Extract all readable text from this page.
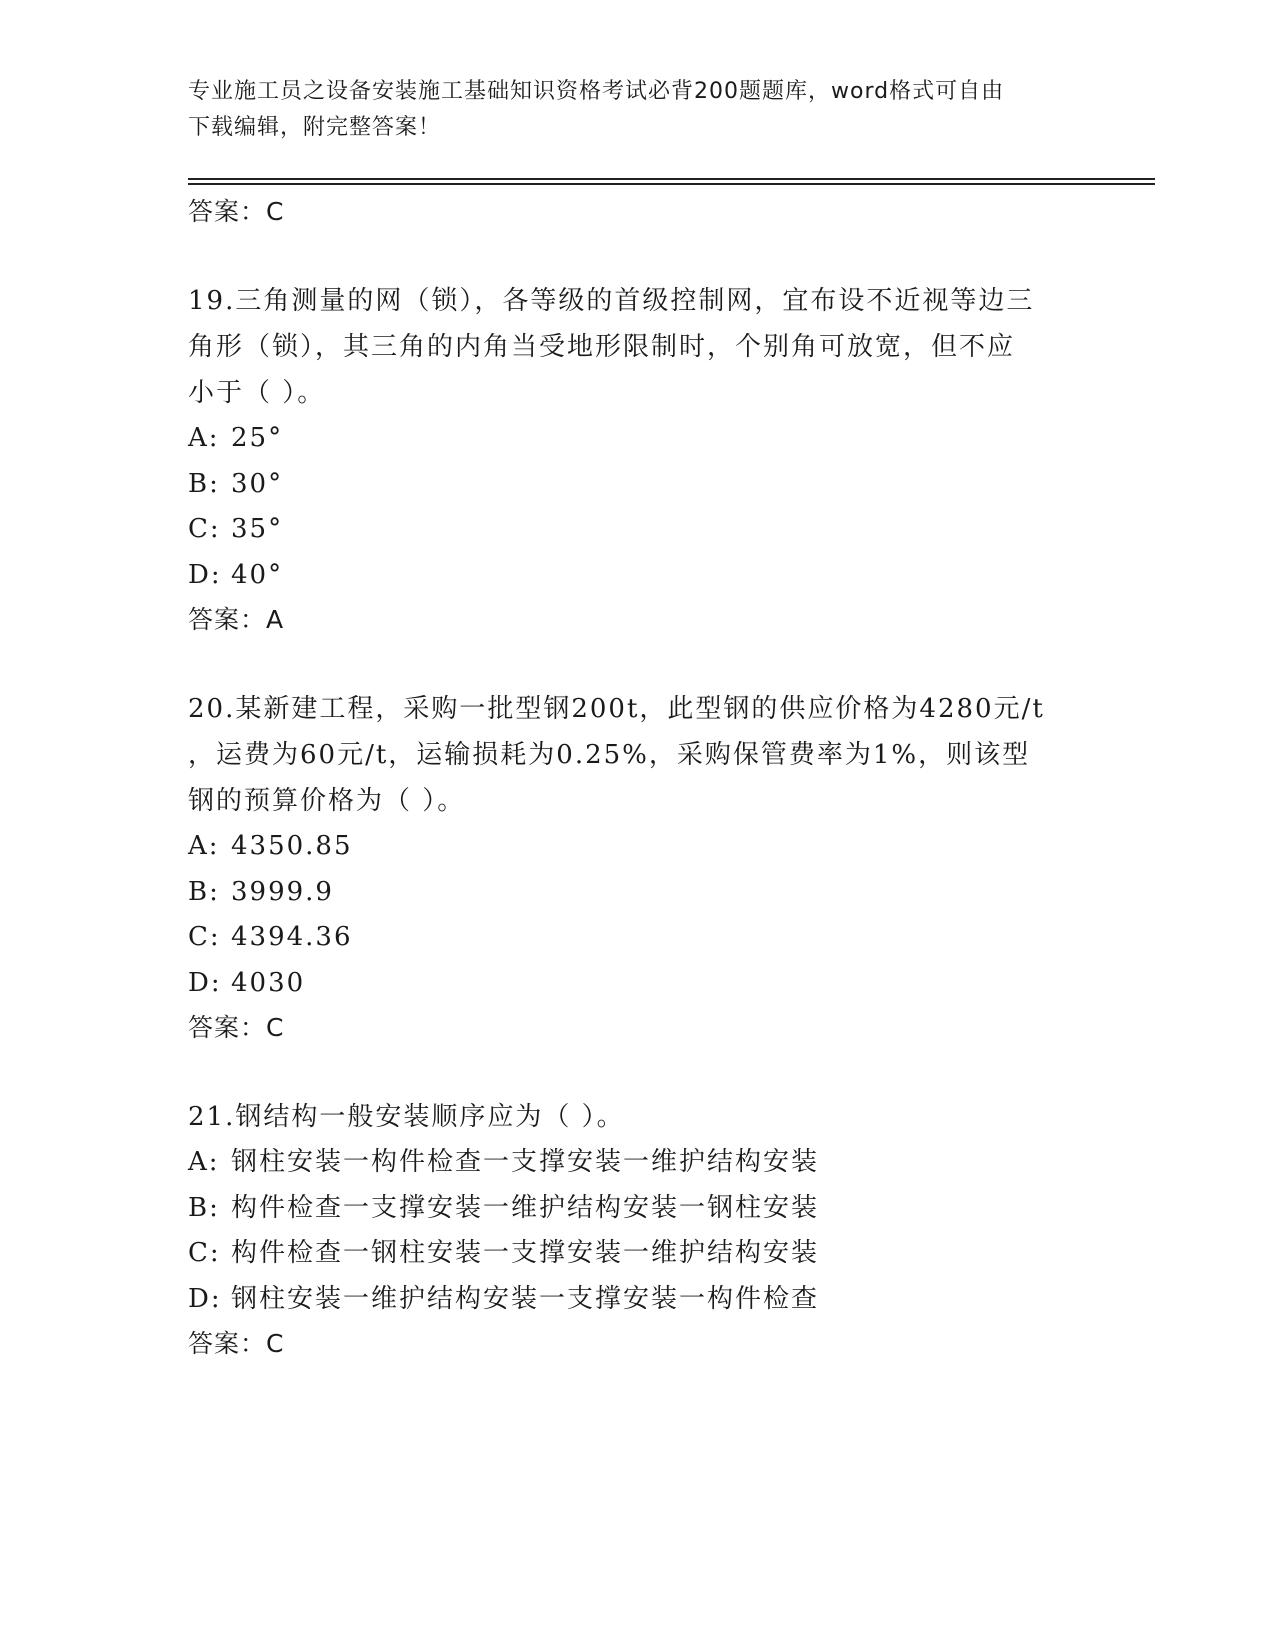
专业施工员之设备安装施工基础知识资格考试必背200题题库，word格式可自由
下载编辑，附完整答案！
答案：C
19.三角测量的网（锁），各等级的首级控制网，宜布设不近视等边三
角形（锁），其三角的内角当受地形限制时，个别角可放宽，但不应
小于（ ）。
A: 25°
B: 30°
C: 35°
D: 40°
答案：A
20.某新建工程，采购一批型钢200t，此型钢的供应价格为4280元/t
，运费为60元/t，运输损耗为0.25%，采购保管费率为1%，则该型
钢的预算价格为（ ）。
A: 4350.85
B: 3999.9
C: 4394.36
D: 4030
答案：C
21.钢结构一般安装顺序应为（ ）。
A: 钢柱安装一构件检查一支撑安装一维护结构安装
B: 构件检查一支撑安装一维护结构安装一钢柱安装
C: 构件检查一钢柱安装一支撑安装一维护结构安装
D: 钢柱安装一维护结构安装一支撑安装一构件检查
答案：C
